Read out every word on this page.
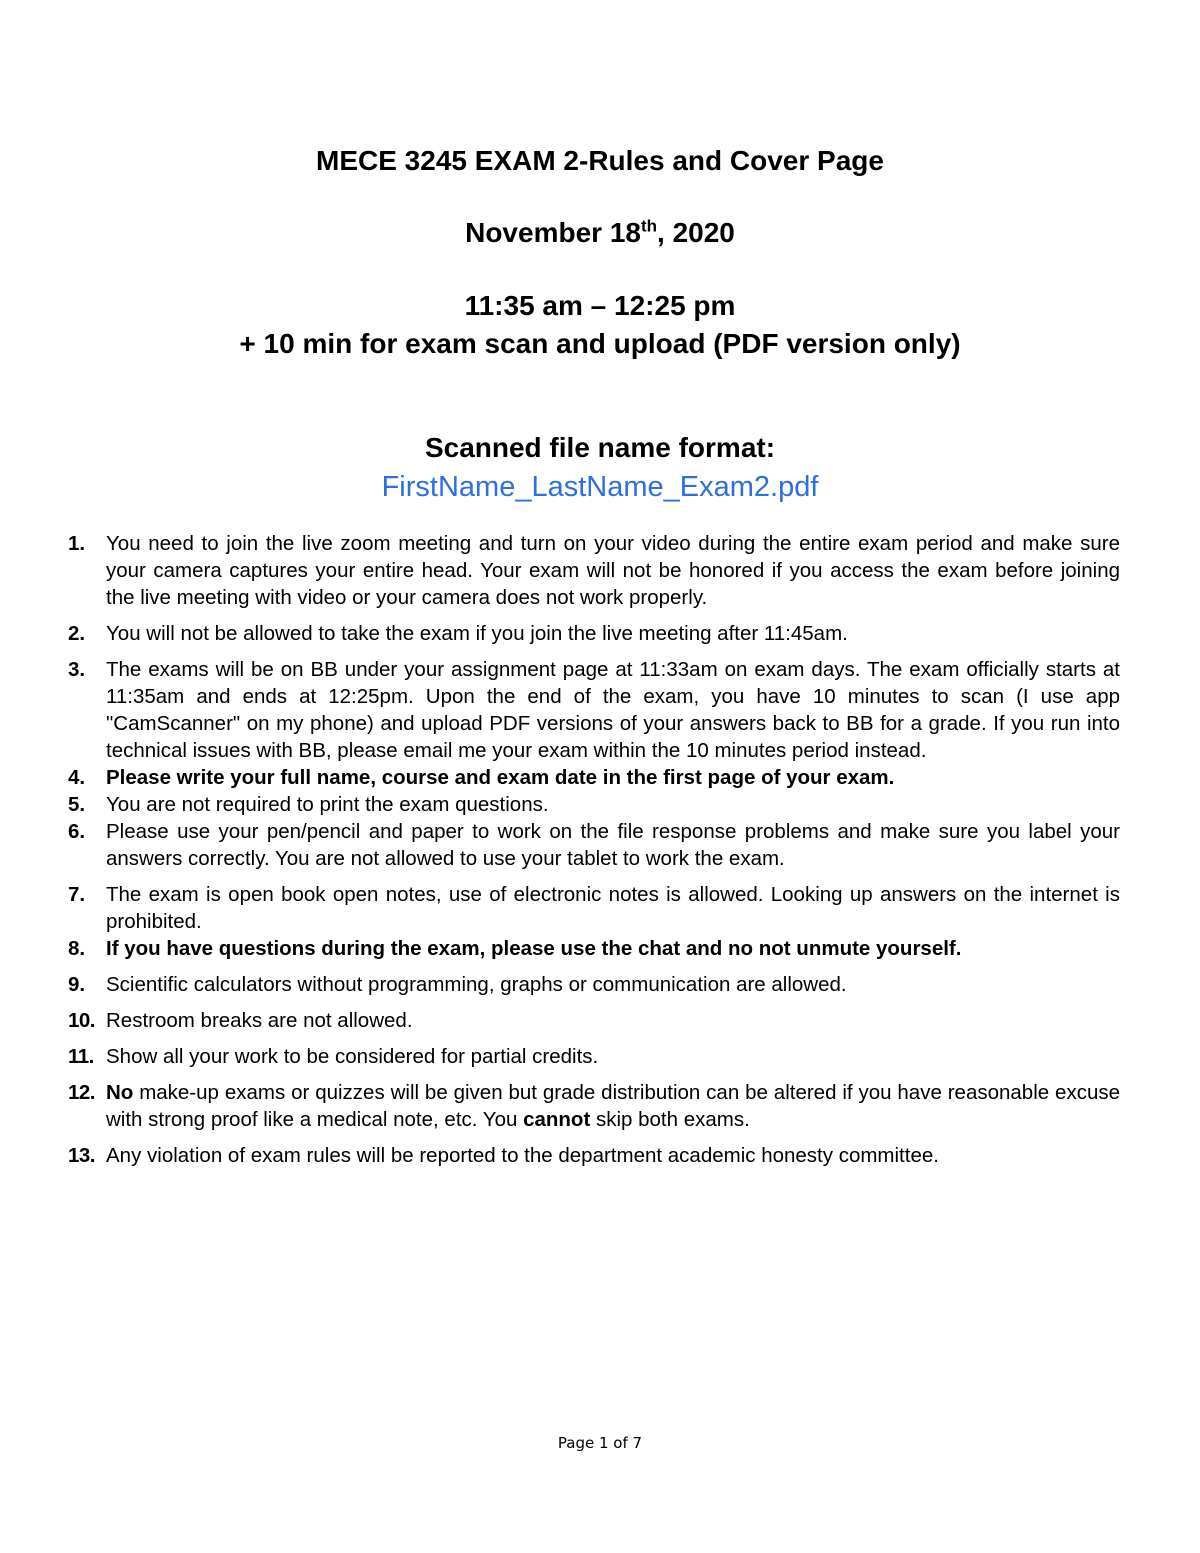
MECE 3245 EXAM 2-Rules and Cover Page
November 18th, 2020
11:35 am – 12:25 pm
+ 10 min for exam scan and upload (PDF version only)
Scanned file name format:
FirstName_LastName_Exam2.pdf
1. You need to join the live zoom meeting and turn on your video during the entire exam period and make sure your camera captures your entire head. Your exam will not be honored if you access the exam before joining the live meeting with video or your camera does not work properly.
2. You will not be allowed to take the exam if you join the live meeting after 11:45am.
3. The exams will be on BB under your assignment page at 11:33am on exam days. The exam officially starts at 11:35am and ends at 12:25pm. Upon the end of the exam, you have 10 minutes to scan (I use app "CamScanner" on my phone) and upload PDF versions of your answers back to BB for a grade. If you run into technical issues with BB, please email me your exam within the 10 minutes period instead.
4. Please write your full name, course and exam date in the first page of your exam.
5. You are not required to print the exam questions.
6. Please use your pen/pencil and paper to work on the file response problems and make sure you label your answers correctly. You are not allowed to use your tablet to work the exam.
7. The exam is open book open notes, use of electronic notes is allowed. Looking up answers on the internet is prohibited.
8. If you have questions during the exam, please use the chat and no not unmute yourself.
9. Scientific calculators without programming, graphs or communication are allowed.
10. Restroom breaks are not allowed.
11. Show all your work to be considered for partial credits.
12. No make-up exams or quizzes will be given but grade distribution can be altered if you have reasonable excuse with strong proof like a medical note, etc. You cannot skip both exams.
13. Any violation of exam rules will be reported to the department academic honesty committee.
Page 1 of 7
